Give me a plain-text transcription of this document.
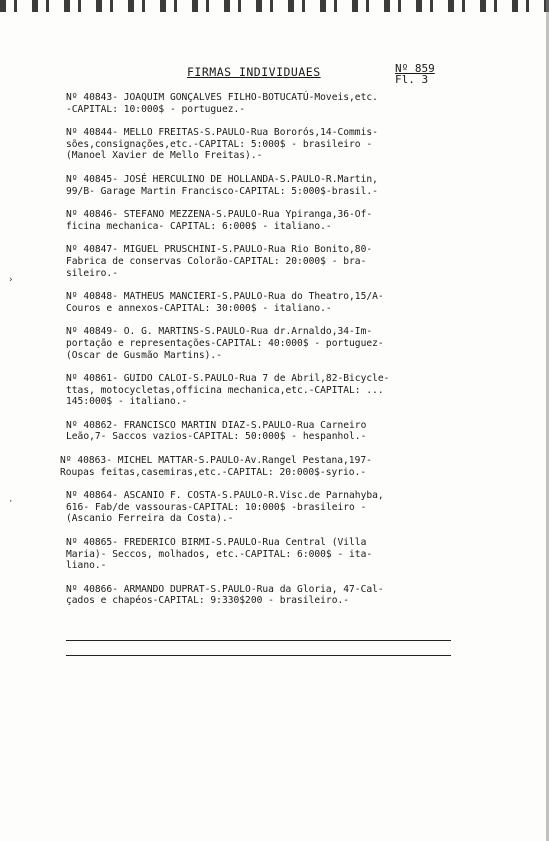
FIRMAS INDIVIDUAES	Nº 859
Fl. 3

Nº 40843- JOAQUIM GONÇALVES FILHO-BOTUCATÚ-Moveis,etc.

-CAPITAL: 10:000$ - portuguez.-

Nº 40844- MELLO FREITAS-S.PAULO-Rua Bororós,14-Commis-

sões,consignações,etc.-CAPITAL: 5:000$ - brasileiro -

(Manoel Xavier de Mello Freitas).-

Nº 40845- JOSÉ HERCULINO DE HOLLANDA-S.PAULO-R.Martin,

99/B- Garage Martin Francisco-CAPITAL: 5:000$-brasil.-

Nº 40846- STEFANO MEZZENA-S.PAULO-Rua Ypiranga,36-Of-

ficina mechanica- CAPITAL: 6:000$ - italiano.-

Nº 40847- MIGUEL PRUSCHINI-S.PAULO-Rua Rio Bonito,80-

Fabrica de conservas Colorão-CAPITAL: 20:000$ - bra-

sileiro.-

Nº 40848- MATHEUS MANCIERI-S.PAULO-Rua do Theatro,15/A-

Couros e annexos-CAPITAL: 30:000$ - italiano.-

Nº 40849- O. G. MARTINS-S.PAULO-Rua dr.Arnaldo,34-Im-

portação e representações-CAPITAL: 40:000$ - portuguez-

(Oscar de Gusmão Martins).-

Nº 40861- GUIDO CALOI-S.PAULO-Rua 7 de Abril,82-Bicycle-

ttas, motocycletas,officina mechanica,etc.-CAPITAL: ...

145:000$ - italiano.-

Nº 40862- FRANCISCO MARTIN DIAZ-S.PAULO-Rua Carneiro

Leão,7- Saccos vazios-CAPITAL: 50:000$ - hespanhol.-

Nº 40863- MICHEL MATTAR-S.PAULO-Av.Rangel Pestana,197-

Roupas feitas,casemiras,etc.-CAPITAL: 20:000$-syrio.-

Nº 40864- ASCANIO F. COSTA-S.PAULO-R.Visc.de Parnahyba,

616- Fab/de vassouras-CAPITAL: 10:000$ -brasileiro -

(Ascanio Ferreira da Costa).-

Nº 40865- FREDERICO BIRMI-S.PAULO-Rua Central (Villa

Maria)- Seccos, molhados, etc.-CAPITAL: 6:000$ - ita-

liano.-

Nº 40866- ARMANDO DUPRAT-S.PAULO-Rua da Gloria, 47-Cal-

çados e chapéos-CAPITAL: 9:330$200 - brasileiro.-

›
·
